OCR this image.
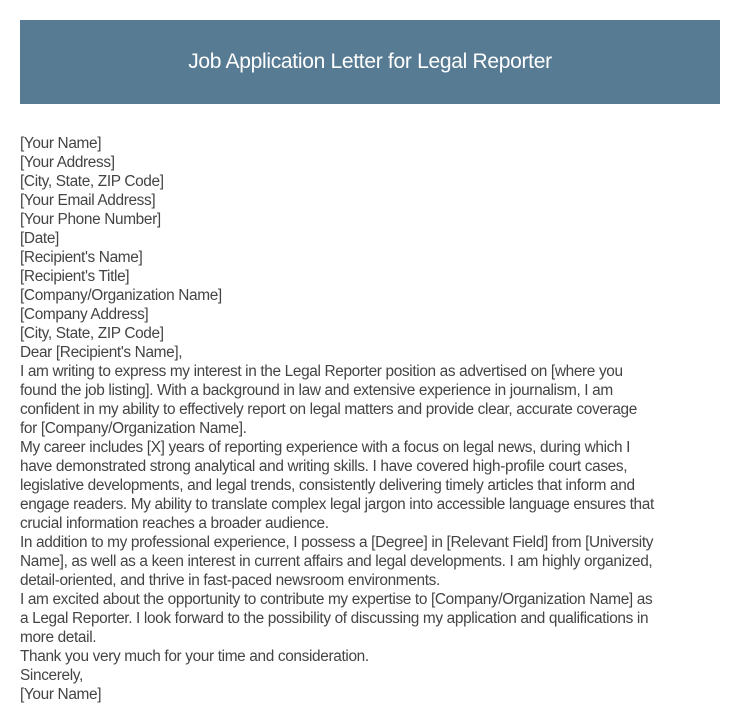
Job Application Letter for Legal Reporter
[Your Name]
[Your Address]
[City, State, ZIP Code]
[Your Email Address]
[Your Phone Number]
[Date]
[Recipient's Name]
[Recipient's Title]
[Company/Organization Name]
[Company Address]
[City, State, ZIP Code]
Dear [Recipient's Name],
I am writing to express my interest in the Legal Reporter position as advertised on [where you
found the job listing]. With a background in law and extensive experience in journalism, I am
confident in my ability to effectively report on legal matters and provide clear, accurate coverage
for [Company/Organization Name].
My career includes [X] years of reporting experience with a focus on legal news, during which I
have demonstrated strong analytical and writing skills. I have covered high-profile court cases,
legislative developments, and legal trends, consistently delivering timely articles that inform and
engage readers. My ability to translate complex legal jargon into accessible language ensures that
crucial information reaches a broader audience.
In addition to my professional experience, I possess a [Degree] in [Relevant Field] from [University
Name], as well as a keen interest in current affairs and legal developments. I am highly organized,
detail-oriented, and thrive in fast-paced newsroom environments.
I am excited about the opportunity to contribute my expertise to [Company/Organization Name] as
a Legal Reporter. I look forward to the possibility of discussing my application and qualifications in
more detail.
Thank you very much for your time and consideration.
Sincerely,
[Your Name]
